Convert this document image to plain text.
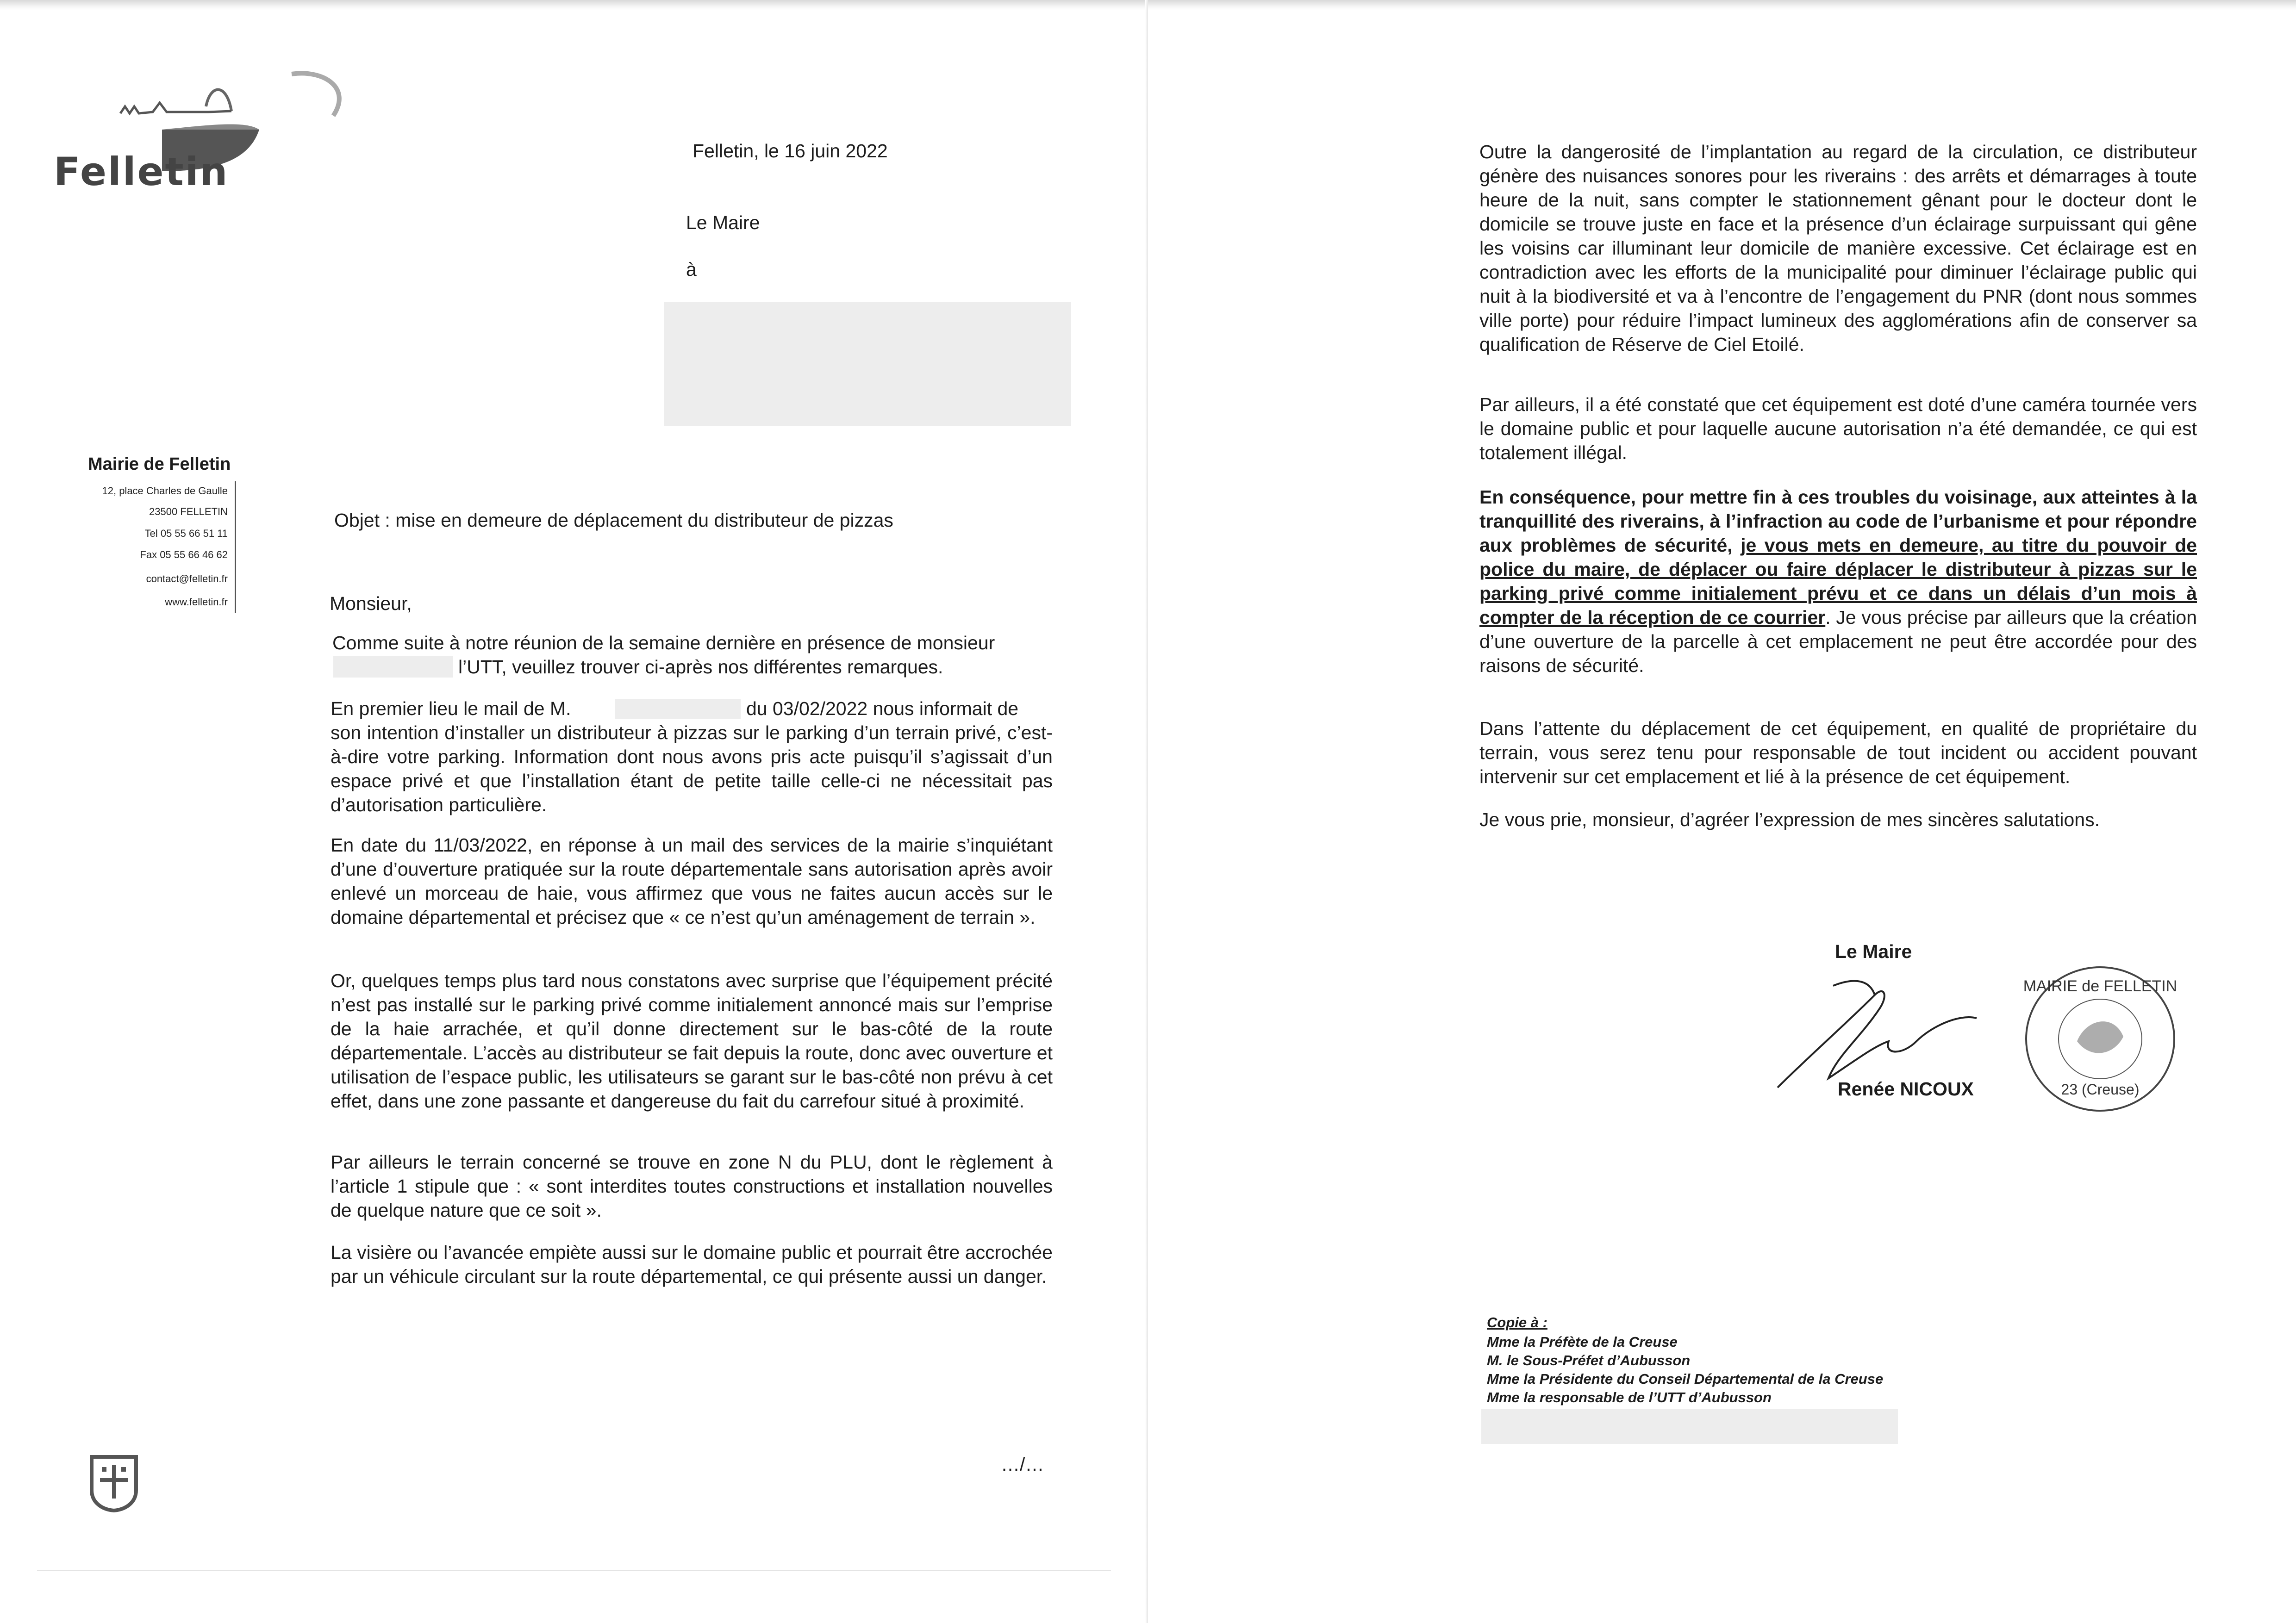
Felletin	Felletin, le 16 juin 2022
Le Maire
à
Mairie de Felletin
12, place Charles de Gaulle
23500 FELLETIN
Tel 05 55 66 51 11
Fax 05 55 66 46 62
contact@felletin.fr
www.felletin.fr
Objet : mise en demeure de déplacement du distributeur de pizzas
Monsieur,
Comme suite à notre réunion de la semaine dernière en présence de monsieur
l’UTT, veuillez trouver ci-après nos différentes remarques.
En premier lieu le mail de M.	du 03/02/2022 nous informait de
son intention d’installer un distributeur à pizzas sur le parking d’un terrain privé, c’est-à-dire votre parking. Information dont nous avons pris acte puisqu’il s’agissait d’un espace privé et que l’installation étant de petite taille celle-ci ne nécessitait pas d’autorisation particulière.
En date du 11/03/2022, en réponse à un mail des services de la mairie s’inquiétant d’une d’ouverture pratiquée sur la route départementale sans autorisation après avoir enlevé un morceau de haie, vous affirmez que vous ne faites aucun accès sur le domaine départemental et précisez que « ce n’est qu’un aménagement de terrain ».
Or, quelques temps plus tard nous constatons avec surprise que l’équipement précité n’est pas installé sur le parking privé comme initialement annoncé mais sur l’emprise de la haie arrachée, et qu’il donne directement sur le bas-côté de la route départementale. L’accès au distributeur se fait depuis la route, donc avec ouverture et utilisation de l’espace public, les utilisateurs se garant sur le bas-côté non prévu à cet effet, dans une zone passante et dangereuse du fait du carrefour situé à proximité.
Par ailleurs le terrain concerné se trouve en zone N du PLU, dont le règlement à l’article 1 stipule que : « sont interdites toutes constructions et installation nouvelles de quelque nature que ce soit ».
La visière ou l’avancée empiète aussi sur le domaine public et pourrait être accrochée par un véhicule circulant sur la route départemental, ce qui présente aussi un danger.
…/…
Outre la dangerosité de l’implantation au regard de la circulation, ce distributeur génère des nuisances sonores pour les riverains : des arrêts et démarrages à toute heure de la nuit, sans compter le stationnement gênant pour le docteur dont le domicile se trouve juste en face et la présence d’un éclairage surpuissant qui gêne les voisins car illuminant leur domicile de manière excessive. Cet éclairage est en contradiction avec les efforts de la municipalité pour diminuer l’éclairage public qui nuit à la biodiversité et va à l’encontre de l’engagement du PNR (dont nous sommes ville porte) pour réduire l’impact lumineux des agglomérations afin de conserver sa qualification de Réserve de Ciel Etoilé.
Par ailleurs, il a été constaté que cet équipement est doté d’une caméra tournée vers le domaine public et pour laquelle aucune autorisation n’a été demandée, ce qui est totalement illégal.
En conséquence, pour mettre fin à ces troubles du voisinage, aux atteintes à la tranquillité des riverains, à l’infraction au code de l’urbanisme et pour répondre aux problèmes de sécurité, je vous mets en demeure, au titre du pouvoir de police du maire, de déplacer ou faire déplacer le distributeur à pizzas sur le parking privé comme initialement prévu et ce dans un délais d’un mois à compter de la réception de ce courrier. Je vous précise par ailleurs que la création d’une ouverture de la parcelle à cet emplacement ne peut être accordée pour des raisons de sécurité.
Dans l’attente du déplacement de cet équipement, en qualité de propriétaire du terrain, vous serez tenu pour responsable de tout incident ou accident pouvant intervenir sur cet emplacement et lié à la présence de cet équipement.
Je vous prie, monsieur, d’agréer l’expression de mes sincères salutations.
Le Maire
Renée NICOUX
MAIRIE de FELLETIN
23 (Creuse)
Copie à :
Mme la Préfète de la Creuse
M. le Sous-Préfet d’Aubusson
Mme la Présidente du Conseil Départemental de la Creuse
Mme la responsable de l’UTT d’Aubusson
